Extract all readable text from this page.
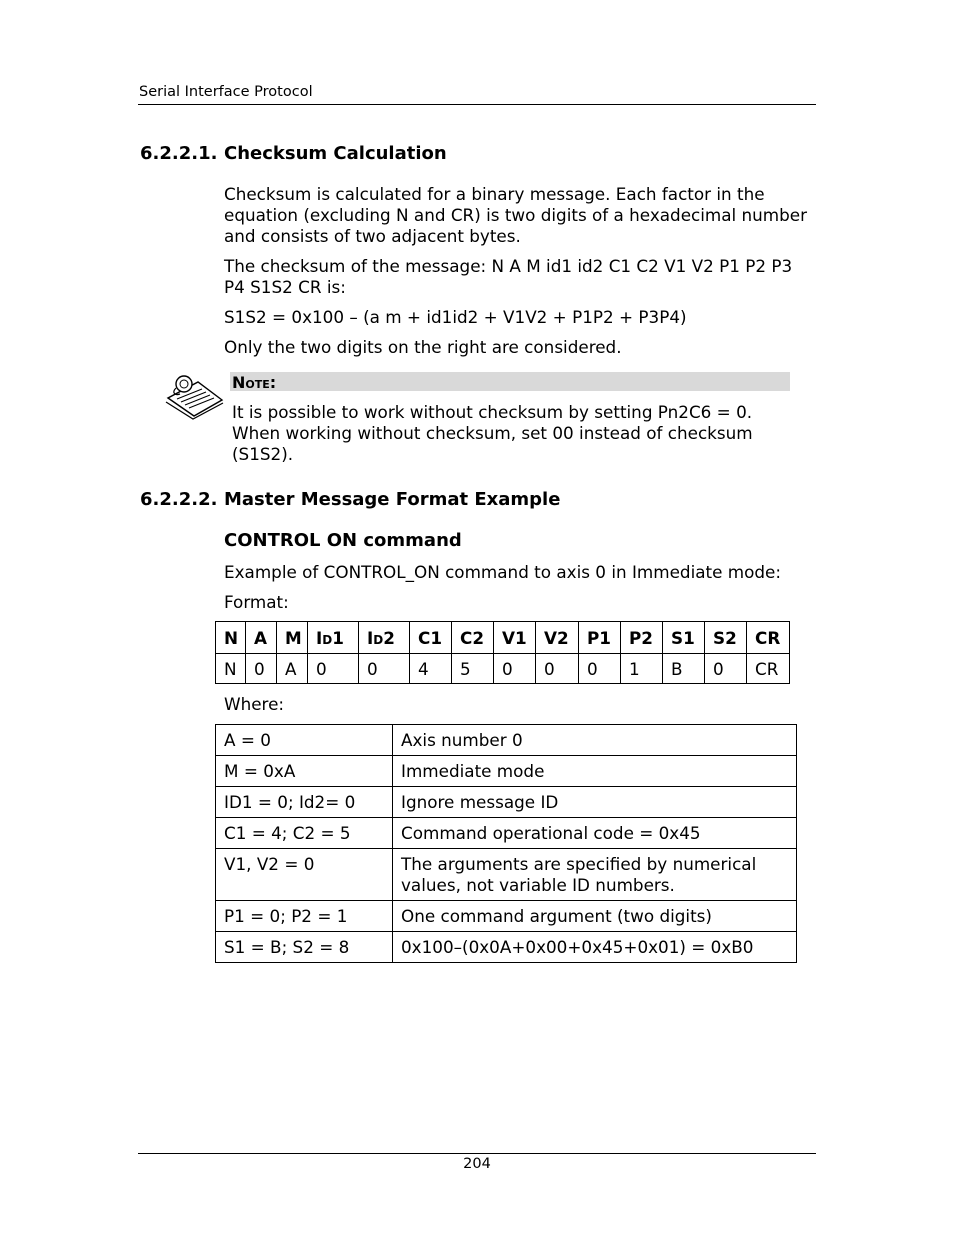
Serial Interface Protocol
6.2.2.1. Checksum Calculation

Checksum is calculated for a binary message. Each factor in the equation (excluding N and CR) is two digits of a hexadecimal number and consists of two adjacent bytes.

The checksum of the message: N A M id1 id2 C1 C2 V1 V2 P1 P2 P3 P4 S1S2 CR is:

S1S2 = 0x100 – (a m + id1id2 + V1V2 + P1P2 + P3P4)

Only the two digits on the right are considered.

Note:

It is possible to work without checksum by setting Pn2C6 = 0. When working without checksum, set 00 instead of checksum (S1S2).

6.2.2.2. Master Message Format Example
CONTROL ON command

Example of CONTROL_ON command to axis 0 in Immediate mode:

Format:

N	A	M	Id1	Id2	C1	C2	V1	V2	P1	P2	S1	S2	CR
N	0	A	0	0	4	5	0	0	0	1	B	0	CR

Where:

A = 0	Axis number 0
M = 0xA	Immediate mode
ID1 = 0; Id2= 0	Ignore message ID
C1 = 4; C2 = 5	Command operational code = 0x45
V1, V2 = 0	The arguments are specified by numerical values, not variable ID numbers.
P1 = 0; P2 = 1	One command argument (two digits)
S1 = B; S2 = 8	0x100–(0x0A+0x00+0x45+0x01) = 0xB0
204
